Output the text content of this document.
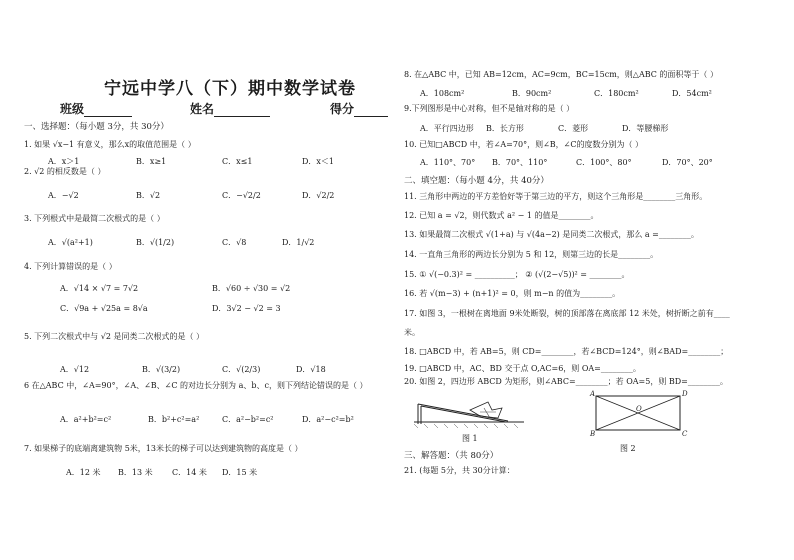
宁远中学八（下）期中数学试卷
班级	姓名	得分
一、选择题：（每小题 3分，共 30分）
1. 如果 √x−1 有意义，那么x的取值范围是（ ）
A．x＞1	B．x≥1	C．x≤1	D．x＜1
2. √2 的相反数是（ ）
A．−√2	B．√2	C．−√2/2	D．√2/2
3. 下列根式中是最简二次根式的是（ ）
A．√(a²+1)	B．√(1/2)	C．√8	D．1/√2
4. 下列计算错误的是（ ）
A．√14 × √7 = 7√2	B．√60 ÷ √30 = √2
C．√9a + √25a = 8√a	D．3√2 − √2 = 3
5. 下列二次根式中与 √2 是同类二次根式的是（ ）
A．√12	B．√(3/2)	C．√(2/3)	D．√18
6 在△ABC 中，∠A=90°，∠A、∠B、∠C 的对边长分别为 a、b、c，则下列结论错误的是（ ）
A．a²+b²=c²	B．b²+c²=a²	C．a²−b²=c²	D．a²−c²=b²
7. 如果梯子的底端离建筑物 5米，13米长的梯子可以达到建筑物的高度是（ ）
A．12 米 B．13 米 C．14 米 D．15 米
8. 在△ABC 中，已知 AB=12cm，AC=9cm，BC=15cm，则△ABC 的面积等于（ ）
A．108cm²	B．90cm²	C．180cm²	D．54cm²
9.下列图形是中心对称，但不是轴对称的是（ ）
A．平行四边形 B．长方形	C．菱形	D．等腰梯形
10. 已知□ABCD 中，若∠A=70°，则∠B，∠C的度数分别为（ ）
A．110°、70° B．70°、110°	C．100°、80°	D．70°、20°
二、填空题：（每小题 4分，共 40分）
11. 三角形中两边的平方差恰好等于第三边的平方，则这个三角形是________三角形。
12. 已知 a = √2，则代数式 a² − 1 的值是________。
13. 如果最简二次根式 √(1+a) 与 √(4a−2) 是同类二次根式，那么 a =________。
14. 一直角三角形的两边长分别为 5 和 12，则第三边的长是________。
15. ① √(−0.3)² = __________； ② (√(2−√5))² = ________。
16. 若 √(m−3) + (n+1)² = 0，则 m−n 的值为________。
17. 如图 3，一根树在离地面 9米处断裂，树的顶部落在离底部 12 米处，树折断之前有____
米。
18. □ABCD 中，若 AB=5，则 CD=________，若∠BCD=124°，则∠BAD=________；
19. □ABCD 中，AC、BD 交于点 O,AC=6，则 OA=________。
20. 如图 2，四边形 ABCD 为矩形，则∠ABC=________；若 OA=5，则 BD=________。
图 1
A	D
B	C
O
图 2
三、解答题：（共 80分）
21. (每题 5分，共 30分计算：
